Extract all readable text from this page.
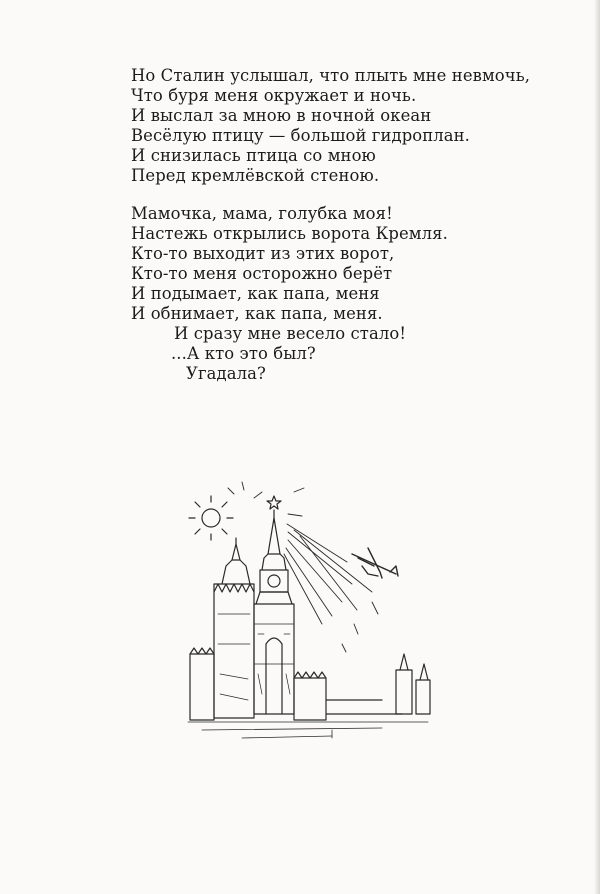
Но Сталин услышал, что плыть мне невмочь,
Что буря меня окружает и ночь.
И выслал за мною в ночной океан
Весёлую птицу — большой гидроплан.
И снизилась птица со мною
Перед кремлёвской стеною.

Мамочка, мама, голубка моя!
Настежь открылись ворота Кремля.
Кто-то выходит из этих ворот,
Кто-то меня осторожно берёт
И подымает, как папа, меня
И обнимает, как папа, меня.
И сразу мне весело стало!
...А кто это был?
Угадала?
